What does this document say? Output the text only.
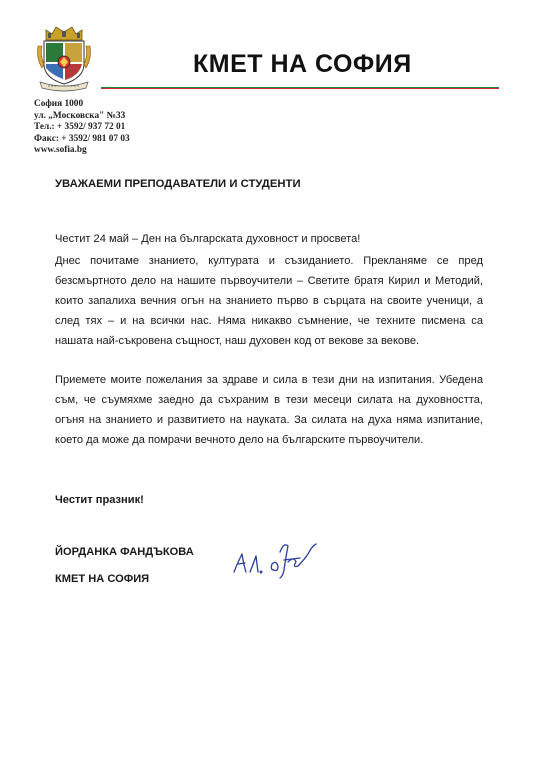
КМЕТ НА СОФИЯ
София 1000
ул. „Московска" №33
Тел.: + 3592/ 937 72 01
Факс: + 3592/ 981 07 03
www.sofia.bg
УВАЖАЕМИ ПРЕПОДАВАТЕЛИ И СТУДЕНТИ
Честит 24 май – Ден на българската духовност и просвета!
Днес почитаме знанието, културата и съзиданието. Прекланяме се пред безсмъртното дело на нашите първоучители – Светите братя Кирил и Методий, които запалиха вечния огън на знанието първо в сърцата на своите ученици, а след тях – и на всички нас. Няма никакво съмнение, че техните писмена са нашата най-съкровена същност, наш духовен код от векове за векове.
Приемете моите пожелания за здраве и сила в тези дни на изпитания. Убедена съм, че съумяхме заедно да съхраним в тези месеци силата на духовността, огъня на знанието и развитието на науката. За силата на духа няма изпитание, което да може да помрачи вечното дело на българските първоучители.
Честит празник!
ЙОРДАНКА ФАНДЪКОВА
КМЕТ НА СОФИЯ
